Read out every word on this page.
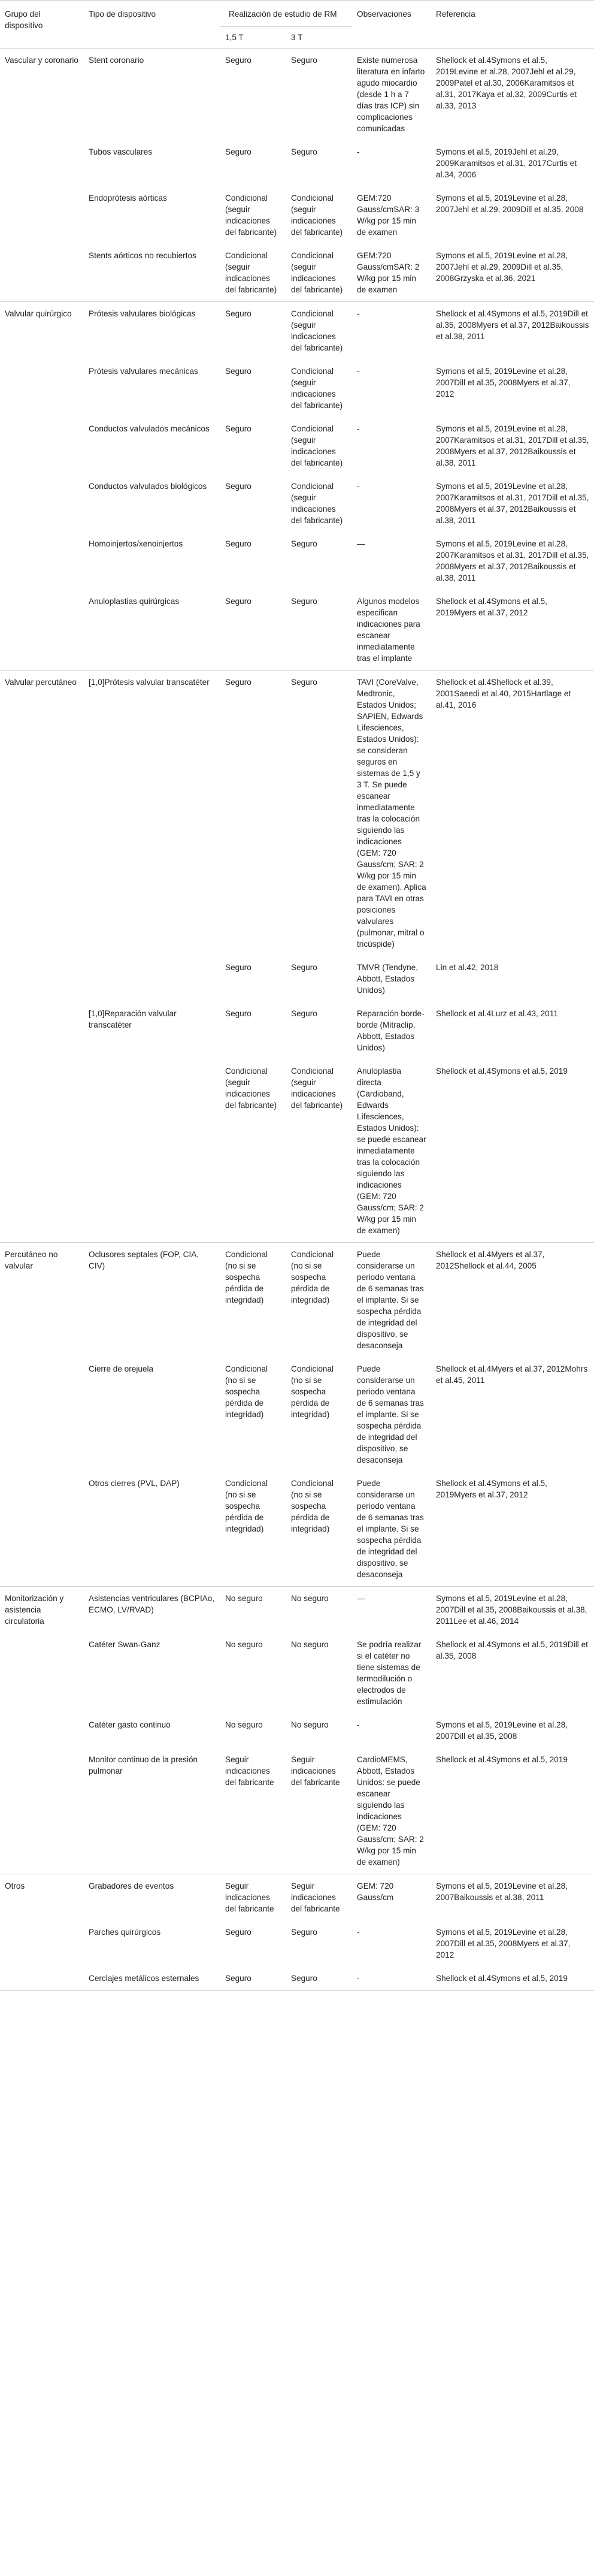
Grupo del dispositivo	Tipo de dispositivo	Realización de estudio de RM		Observaciones	Referencia
		1,5 T	3 T		
Vascular y coronario	Stent coronario	Seguro	Seguro	Existe numerosa literatura en infarto agudo miocardio (desde 1 h a 7 días tras ICP) sin complicaciones comunicadas	Shellock et al.4Symons et al.5, 2019Levine et al.28, 2007Jehl et al.29, 2009Patel et al.30, 2006Karamitsos et al.31, 2017Kaya et al.32, 2009Curtis et al.33, 2013
	Tubos vasculares	Seguro	Seguro	-	Symons et al.5, 2019Jehl et al.29, 2009Karamitsos et al.31, 2017Curtis et al.34, 2006
	Endoprótesis aórticas	Condicional (seguir indicaciones del fabricante)	Condicional (seguir indicaciones del fabricante)	GEM:720 Gauss/cmSAR: 3 W/kg por 15 min de examen	Symons et al.5, 2019Levine et al.28, 2007Jehl et al.29, 2009Dill et al.35, 2008
	Stents aórticos no recubiertos	Condicional (seguir indicaciones del fabricante)	Condicional (seguir indicaciones del fabricante)	GEM:720 Gauss/cmSAR: 2 W/kg por 15 min de examen	Symons et al.5, 2019Levine et al.28, 2007Jehl et al.29, 2009Dill et al.35, 2008Grzyska et al.36, 2021
Valvular quirúrgico	Prótesis valvulares biológicas	Seguro	Condicional (seguir indicaciones del fabricante)	-	Shellock et al.4Symons et al.5, 2019Dill et al.35, 2008Myers et al.37, 2012Baikoussis et al.38, 2011
	Prótesis valvulares mecánicas	Seguro	Condicional (seguir indicaciones del fabricante)	-	Symons et al.5, 2019Levine et al.28, 2007Dill et al.35, 2008Myers et al.37, 2012
	Conductos valvulados mecánicos	Seguro	Condicional (seguir indicaciones del fabricante)	-	Symons et al.5, 2019Levine et al.28, 2007Karamitsos et al.31, 2017Dill et al.35, 2008Myers et al.37, 2012Baikoussis et al.38, 2011
	Conductos valvulados biológicos	Seguro	Condicional (seguir indicaciones del fabricante)	-	Symons et al.5, 2019Levine et al.28, 2007Karamitsos et al.31, 2017Dill et al.35, 2008Myers et al.37, 2012Baikoussis et al.38, 2011
	Homoinjertos/xenoinjertos	Seguro	Seguro	—	Symons et al.5, 2019Levine et al.28, 2007Karamitsos et al.31, 2017Dill et al.35, 2008Myers et al.37, 2012Baikoussis et al.38, 2011
	Anuloplastias quirúrgicas	Seguro	Seguro	Algunos modelos especifican indicaciones para escanear inmediatamente tras el implante	Shellock et al.4Symons et al.5, 2019Myers et al.37, 2012
Valvular percutáneo	[1,0]Prótesis valvular transcatéter	Seguro	Seguro	TAVI (CoreValve, Medtronic, Estados Unidos; SAPIEN, Edwards Lifesciences, Estados Unidos): se consideran seguros en sistemas de 1,5 y 3 T. Se puede escanear inmediatamente tras la colocación siguiendo las indicaciones (GEM: 720 Gauss/cm; SAR: 2 W/kg por 15 min de examen). Aplica para TAVI en otras posiciones valvulares (pulmonar, mitral o tricúspide)	Shellock et al.4Shellock et al.39, 2001Saeedi et al.40, 2015Hartlage et al.41, 2016
		Seguro	Seguro	TMVR (Tendyne, Abbott, Estados Unidos)	Lin et al.42, 2018
	[1,0]Reparación valvular transcatéter	Seguro	Seguro	Reparación borde-borde (Mitraclip, Abbott, Estados Unidos)	Shellock et al.4Lurz et al.43, 2011
		Condicional (seguir indicaciones del fabricante)	Condicional (seguir indicaciones del fabricante)	Anuloplastia directa (Cardioband, Edwards Lifesciences, Estados Unidos): se puede escanear inmediatamente tras la colocación siguiendo las indicaciones (GEM: 720 Gauss/cm; SAR: 2 W/kg por 15 min de examen)	Shellock et al.4Symons et al.5, 2019
Percutáneo no valvular	Oclusores septales (FOP, CIA, CIV)	Condicional (no si se sospecha pérdida de integridad)	Condicional (no si se sospecha pérdida de integridad)	Puede considerarse un periodo ventana de 6 semanas tras el implante. Si se sospecha pérdida de integridad del dispositivo, se desaconseja	Shellock et al.4Myers et al.37, 2012Shellock et al.44, 2005
	Cierre de orejuela	Condicional (no si se sospecha pérdida de integridad)	Condicional (no si se sospecha pérdida de integridad)	Puede considerarse un periodo ventana de 6 semanas tras el implante. Si se sospecha pérdida de integridad del dispositivo, se desaconseja	Shellock et al.4Myers et al.37, 2012Mohrs et al.45, 2011
	Otros cierres (PVL, DAP)	Condicional (no si se sospecha pérdida de integridad)	Condicional (no si se sospecha pérdida de integridad)	Puede considerarse un periodo ventana de 6 semanas tras el implante. Si se sospecha pérdida de integridad del dispositivo, se desaconseja	Shellock et al.4Symons et al.5, 2019Myers et al.37, 2012
Monitorización y asistencia circulatoria	Asistencias ventriculares (BCPIAo, ECMO, LV/RVAD)	No seguro	No seguro	—	Symons et al.5, 2019Levine et al.28, 2007Dill et al.35, 2008Baikoussis et al.38, 2011Lee et al.46, 2014
	Catéter Swan-Ganz	No seguro	No seguro	Se podría realizar si el catéter no tiene sistemas de termodilución o electrodos de estimulación	Shellock et al.4Symons et al.5, 2019Dill et al.35, 2008
	Catéter gasto continuo	No seguro	No seguro	-	Symons et al.5, 2019Levine et al.28, 2007Dill et al.35, 2008
	Monitor continuo de la presión pulmonar	Seguir indicaciones del fabricante	Seguir indicaciones del fabricante	CardioMEMS, Abbott, Estados Unidos: se puede escanear siguiendo las indicaciones (GEM: 720 Gauss/cm; SAR: 2 W/kg por 15 min de examen)	Shellock et al.4Symons et al.5, 2019
Otros	Grabadores de eventos	Seguir indicaciones del fabricante	Seguir indicaciones del fabricante	GEM: 720 Gauss/cm	Symons et al.5, 2019Levine et al.28, 2007Baikoussis et al.38, 2011
	Parches quirúrgicos	Seguro	Seguro	-	Symons et al.5, 2019Levine et al.28, 2007Dill et al.35, 2008Myers et al.37, 2012
	Cerclajes metálicos esternales	Seguro	Seguro	-	Shellock et al.4Symons et al.5, 2019
